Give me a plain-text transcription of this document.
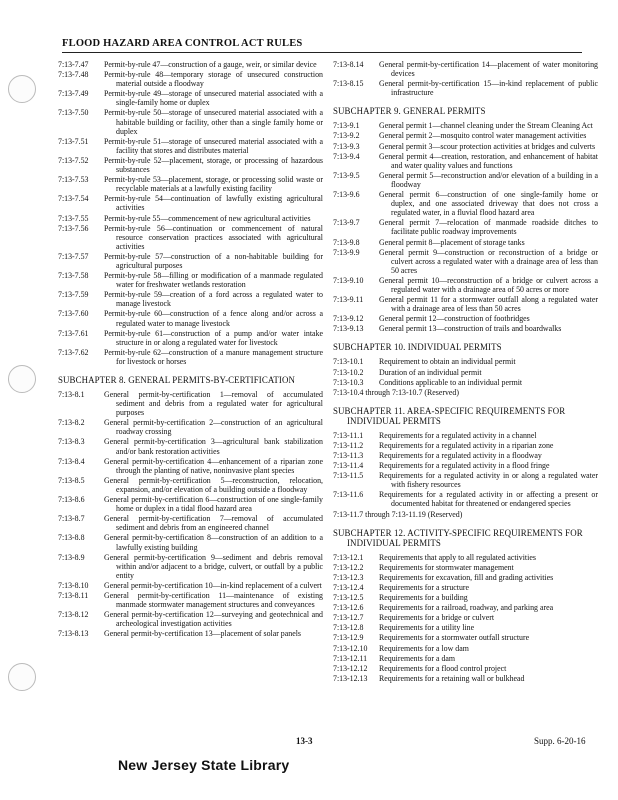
FLOOD HAZARD AREA CONTROL ACT RULES
7:13-7.47	Permit-by-rule 47—construction of a gauge, weir, or similar device
7:13-7.48	Permit-by-rule 48—temporary storage of unsecured construction material outside a floodway
7:13-7.49	Permit-by-rule 49—storage of unsecured material associated with a single-family home or duplex
7:13-7.50	Permit-by-rule 50—storage of unsecured material associated with a habitable building or facility, other than a single family home or duplex
7:13-7.51	Permit-by-rule 51—storage of unsecured material associated with a facility that stores and distributes material
7:13-7.52	Permit-by-rule 52—placement, storage, or processing of hazardous substances
7:13-7.53	Permit-by-rule 53—placement, storage, or processing solid waste or recyclable materials at a lawfully existing facility
7:13-7.54	Permit-by-rule 54—continuation of lawfully existing agricultural activities
7:13-7.55	Permit-by-rule 55—commencement of new agricultural activities
7:13-7.56	Permit-by-rule 56—continuation or commencement of natural resource conservation practices associated with agricultural activities
7:13-7.57	Permit-by-rule 57—construction of a non-habitable building for agricultural purposes
7:13-7.58	Permit-by-rule 58—filling or modification of a manmade regulated water for freshwater wetlands restoration
7:13-7.59	Permit-by-rule 59—creation of a ford across a regulated water to manage livestock
7:13-7.60	Permit-by-rule 60—construction of a fence along and/or across a regulated water to manage livestock
7:13-7.61	Permit-by-rule 61—construction of a pump and/or water intake structure in or along a regulated water for livestock
7:13-7.62	Permit-by-rule 62—construction of a manure management structure for livestock or horses
SUBCHAPTER 8. GENERAL PERMITS-BY-CERTIFICATION
7:13-8.1	General permit-by-certification 1—removal of accumulated sediment and debris from a regulated water for agricultural purposes
7:13-8.2	General permit-by-certification 2—construction of an agricultural roadway crossing
7:13-8.3	General permit-by-certification 3—agricultural bank stabilization and/or bank restoration activities
7:13-8.4	General permit-by-certification 4—enhancement of a riparian zone through the planting of native, noninvasive plant species
7:13-8.5	General permit-by-certification 5—reconstruction, relocation, expansion, and/or elevation of a building outside a floodway
7:13-8.6	General permit-by-certification 6—construction of one single-family home or duplex in a tidal flood hazard area
7:13-8.7	General permit-by-certification 7—removal of accumulated sediment and debris from an engineered channel
7:13-8.8	General permit-by-certification 8—construction of an addition to a lawfully existing building
7:13-8.9	General permit-by-certification 9—sediment and debris removal within and/or adjacent to a bridge, culvert, or outfall by a public entity
7:13-8.10	General permit-by-certification 10—in-kind replacement of a culvert
7:13-8.11	General permit-by-certification 11—maintenance of existing manmade stormwater management structures and conveyances
7:13-8.12	General permit-by-certification 12—surveying and geotechnical and archeological investigation activities
7:13-8.13	General permit-by-certification 13—placement of solar panels
7:13-8.14	General permit-by-certification 14—placement of water monitoring devices
7:13-8.15	General permit-by-certification 15—in-kind replacement of public infrastructure
SUBCHAPTER 9. GENERAL PERMITS
7:13-9.1	General permit 1—channel cleaning under the Stream Cleaning Act
7:13-9.2	General permit 2—mosquito control water management activities
7:13-9.3	General permit 3—scour protection activities at bridges and culverts
7:13-9.4	General permit 4—creation, restoration, and enhancement of habitat and water quality values and functions
7:13-9.5	General permit 5—reconstruction and/or elevation of a building in a floodway
7:13-9.6	General permit 6—construction of one single-family home or duplex, and one associated driveway that does not cross a regulated water, in a fluvial flood hazard area
7:13-9.7	General permit 7—relocation of manmade roadside ditches to facilitate public roadway improvements
7:13-9.8	General permit 8—placement of storage tanks
7:13-9.9	General permit 9—construction or reconstruction of a bridge or culvert across a regulated water with a drainage area of less than 50 acres
7:13-9.10	General permit 10—reconstruction of a bridge or culvert across a regulated water with a drainage area of 50 acres or more
7:13-9.11	General permit 11 for a stormwater outfall along a regulated water with a drainage area of less than 50 acres
7:13-9.12	General permit 12—construction of footbridges
7:13-9.13	General permit 13—construction of trails and boardwalks
SUBCHAPTER 10. INDIVIDUAL PERMITS
7:13-10.1	Requirement to obtain an individual permit
7:13-10.2	Duration of an individual permit
7:13-10.3	Conditions applicable to an individual permit
7:13-10.4 through 7:13-10.7 (Reserved)
SUBCHAPTER 11. AREA-SPECIFIC REQUIREMENTS FOR INDIVIDUAL PERMITS
7:13-11.1	Requirements for a regulated activity in a channel
7:13-11.2	Requirements for a regulated activity in a riparian zone
7:13-11.3	Requirements for a regulated activity in a floodway
7:13-11.4	Requirements for a regulated activity in a flood fringe
7:13-11.5	Requirements for a regulated activity in or along a regulated water with fishery resources
7:13-11.6	Requirements for a regulated activity in or affecting a present or documented habitat for threatened or endangered species
7:13-11.7 through 7:13-11.19 (Reserved)
SUBCHAPTER 12. ACTIVITY-SPECIFIC REQUIREMENTS FOR INDIVIDUAL PERMITS
7:13-12.1	Requirements that apply to all regulated activities
7:13-12.2	Requirements for stormwater management
7:13-12.3	Requirements for excavation, fill and grading activities
7:13-12.4	Requirements for a structure
7:13-12.5	Requirements for a building
7:13-12.6	Requirements for a railroad, roadway, and parking area
7:13-12.7	Requirements for a bridge or culvert
7:13-12.8	Requirements for a utility line
7:13-12.9	Requirements for a stormwater outfall structure
7:13-12.10	Requirements for a low dam
7:13-12.11	Requirements for a dam
7:13-12.12	Requirements for a flood control project
7:13-12.13	Requirements for a retaining wall or bulkhead
13-3	Supp. 6-20-16
New Jersey State Library
